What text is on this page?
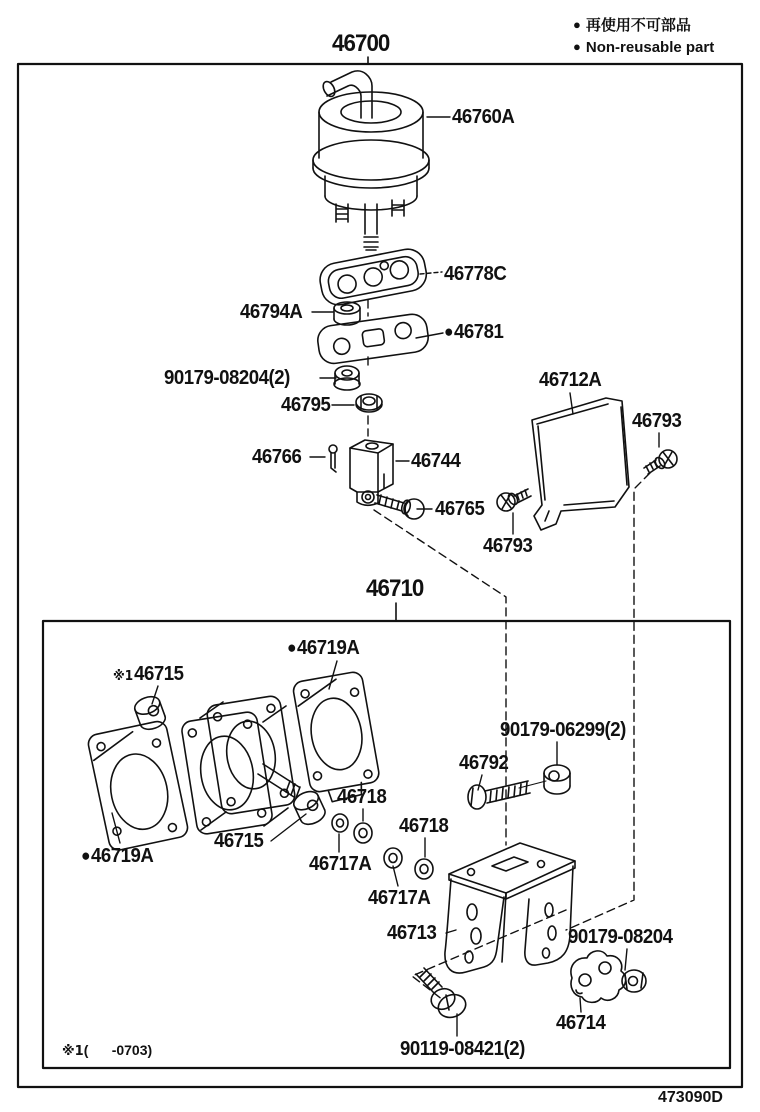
● 再使用不可部品
● Non-reusable part
46700
46710
46760A
46778C
46794A
●46781
90179-08204(2)
46795
46766	46744
46765
46712A
46793
46793
●46719A
※146715
●46719A
46715
46718
46717A
46718
46717A
90179-06299(2)
46792
46713	90179-08204
46714
90119-08421(2)
※1(      -0703)
473090D
